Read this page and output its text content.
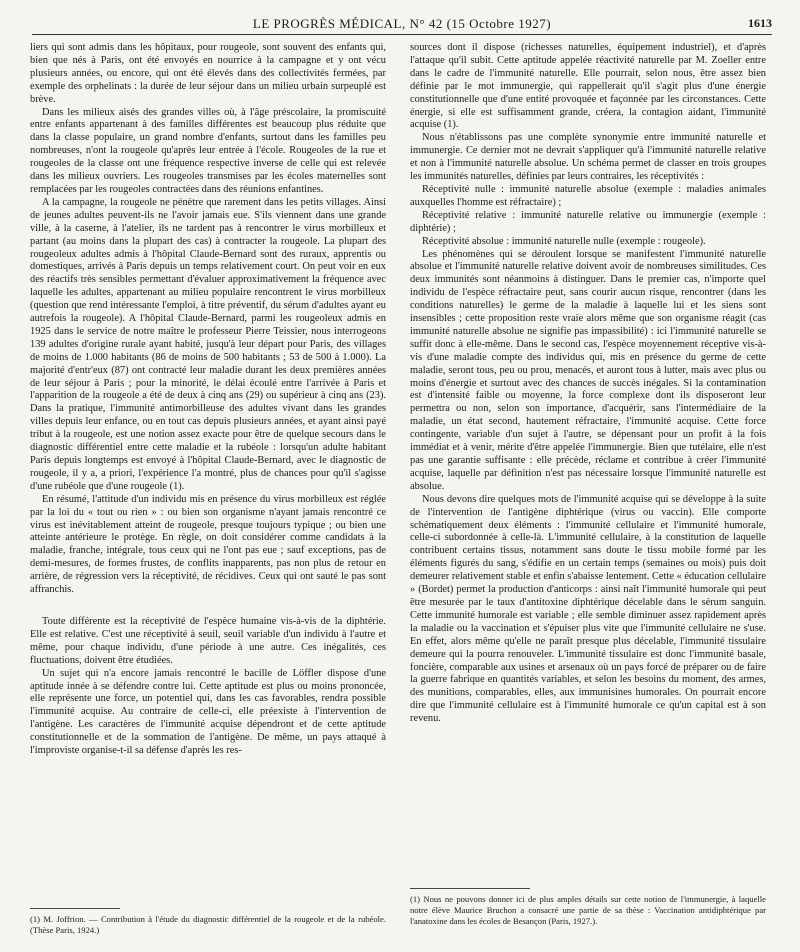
LE PROGRÈS MÉDICAL, N° 42 (15 Octobre 1927)	1613

liers qui sont admis dans les hôpitaux, pour rougeole, sont souvent des enfants qui, bien que nés à Paris, ont été envoyés en nourrice à la campagne et y ont vécu plusieurs années, ou encore, qui ont été élevés dans des collectivités fermées, par exemple des orphelinats : la durée de leur séjour dans un milieu urbain surpeuplé est brève.

Dans les milieux aisés des grandes villes où, à l'âge préscolaire, la promiscuité entre enfants appartenant à des familles différentes est beaucoup plus réduite que dans la classe populaire, un grand nombre d'enfants, surtout dans les familles peu nombreuses, n'ont la rougeole qu'après leur entrée à l'école. Rougeoles de la rue et rougeoles de la classe ont une fréquence respective inverse de celle qui est relevée dans les milieux ouvriers. Les rougeoles transmises par les écoles maternelles sont remplacées par les rougeoles contractées dans des réunions enfantines.

A la campagne, la rougeole ne pénètre que rarement dans les petits villages. Ainsi de jeunes adultes peuvent-ils ne l'avoir jamais eue. S'ils viennent dans une grande ville, à la caserne, à l'atelier, ils ne tardent pas à rencontrer le virus morbilleux et partant (au moins dans la plupart des cas) à contracter la rougeole. La plupart des rougeoleux adultes admis à l'hôpital Claude-Bernard sont des ruraux, apprentis ou domestiques, arrivés à Paris depuis un temps relativement court. On peut voir en eux des réactifs très sensibles permettant d'évaluer approximativement la fréquence avec laquelle les adultes, appartenant au milieu populaire rencontrent le virus morbilleux (question que rend intéressante l'emploi, à titre préventif, du sérum d'adultes ayant eu autrefois la rougeole). A l'hôpital Claude-Bernard, parmi les rougeoleux admis en 1925 dans le service de notre maître le professeur Pierre Teissier, nous interrogeons 139 adultes d'origine rurale ayant habité, jusqu'à leur départ pour Paris, des villages de moins de 1.000 habitants (86 de moins de 500 habitants ; 53 de 500 à 1.000). La majorité d'entr'eux (87) ont contracté leur maladie durant les deux premières années de leur séjour à Paris ; pour la minorité, le délai écoulé entre l'arrivée à Paris et l'apparition de la rougeole a été de deux à cinq ans (29) ou supérieur à cinq ans (23). Dans la pratique, l'immunité antimorbilleuse des adultes vivant dans les grandes villes depuis leur enfance, ou en tout cas depuis plusieurs années, et ayant ainsi payé tribut à la rougeole, est une notion assez exacte pour être de quelque secours dans le diagnostic différentiel entre cette maladie et la rubéole : lorsqu'un adulte habitant Paris depuis longtemps est envoyé à l'hôpital Claude-Bernard, avec le diagnostic de rougeole, il y a, a priori, l'expérience l'a montré, plus de chances pour qu'il s'agisse d'une rubéole que d'une rougeole (1).

En résumé, l'attitude d'un individu mis en présence du virus morbilleux est réglée par la loi du « tout ou rien » : ou bien son organisme n'ayant jamais rencontré ce virus est inévitablement atteint de rougeole, presque toujours typique ; ou bien une atteinte antérieure le protège. En règle, on doit considérer comme candidats à la maladie, franche, intégrale, tous ceux qui ne l'ont pas eue ; sauf exceptions, pas de demi-mesures, de formes frustes, de conflits inapparents, pas non plus de retour en arrière, de régression vers la réceptivité, de récidives. Ceux qui ont sauté le pas sont affranchis.

Toute différente est la réceptivité de l'espèce humaine vis-à-vis de la diphtérie. Elle est relative. C'est une réceptivité à seuil, seuil variable d'un individu à l'autre et même, pour chaque individu, d'une période à une autre. Ces inégalités, ces fluctuations, doivent être étudiées.

Un sujet qui n'a encore jamais rencontré le bacille de Löffler dispose d'une aptitude innée à se défendre contre lui. Cette aptitude est plus ou moins prononcée, elle représente une force, un potentiel qui, dans les cas favorables, rendra possible l'immunité acquise. Au contraire de celle-ci, elle préexiste à l'intervention de l'antigène. Les caractères de l'immunité acquise dépendront et de cette aptitude constitutionnelle et de la sommation de l'antigène. De même, un pays attaqué à l'improviste organise-t-il sa défense d'après les res-

sources dont il dispose (richesses naturelles, équipement industriel), et d'après l'attaque qu'il subit. Cette aptitude appelée réactivité naturelle par M. Zoeller entre dans le cadre de l'immunité naturelle. Elle pourrait, selon nous, être assez bien définie par le mot immunergie, qui rappellerait qu'il s'agit plus d'une énergie constitutionnelle que d'une entité provoquée et façonnée par les circonstances. Cette énergie, si elle est suffisamment grande, créera, la contagion aidant, l'immunité acquise (1).

Nous n'établissons pas une complète synonymie entre immunité naturelle et immunergie. Ce dernier mot ne devrait s'appliquer qu'à l'immunité naturelle relative et non à l'immunité naturelle absolue. Un schéma permet de classer en trois groupes les immunités naturelles, définies par leurs contraires, les réceptivités :

Réceptivité nulle : immunité naturelle absolue (exemple : maladies animales auxquelles l'homme est réfractaire) ;

Réceptivité relative : immunité naturelle relative ou immunergie (exemple : diphtérie) ;

Réceptivité absolue : immunité naturelle nulle (exemple : rougeole).

Les phénomènes qui se déroulent lorsque se manifestent l'immunité naturelle absolue et l'immunité naturelle relative doivent avoir de nombreuses similitudes. Ces deux immunités sont néanmoins à distinguer. Dans le premier cas, n'importe quel individu de l'espèce réfractaire peut, sans courir aucun risque, rencontrer (dans les conditions naturelles) le germe de la maladie à laquelle lui et les siens sont insensibles ; cette proposition reste vraie alors même que son organisme réagit (cas immunité naturelle absolue ne signifie pas impassibilité) : ici l'immunité naturelle se suffit donc à elle-même. Dans le second cas, l'espèce moyennement réceptive vis-à-vis d'une maladie compte des individus qui, mis en présence du germe de cette maladie, seront tous, peu ou prou, menacés, et auront tous à lutter, mais avec plus ou moins d'énergie et surtout avec des chances de succès inégales. Si la contamination est d'intensité faible ou moyenne, la force complexe dont ils disposeront leur permettra ou non, selon son importance, d'acquérir, sans l'intermédiaire de la maladie, un état second, hautement réfractaire, l'immunité acquise. Cette force contingente, variable d'un sujet à l'autre, se dépensant pour un profit à la fois immédiat et à venir, mérite d'être appelée l'immunergie. Bien que tutélaire, elle n'est pas une garantie suffisante : elle précède, réclame et contribue à créer l'immunité acquise, laquelle par définition n'est pas nécessaire lorsque l'immunité naturelle est absolue.

Nous devons dire quelques mots de l'immunité acquise qui se développe à la suite de l'intervention de l'antigène diphtérique (virus ou vaccin). Elle comporte schématiquement deux éléments : l'immunité cellulaire et l'immunité humorale, celle-ci subordonnée à celle-là. L'immunité cellulaire, à la constitution de laquelle contribuent certains tissus, notamment sans doute le tissu mobile formé par les éléments figurés du sang, s'édifie en un certain temps (semaines ou mois) puis doit demeurer relativement stable et enfin s'abaisse lentement. Cette « éducation cellulaire » (Bordet) permet la production d'anticorps : ainsi naît l'immunité humorale qui peut être mesurée par le taux d'antitoxine diphtérique décelable dans le sérum sanguin. Cette immunité humorale est variable ; elle semble diminuer assez rapidement après la maladie ou la vaccination et s'épuiser plus vite que l'immunité cellulaire ne s'use. En effet, alors même qu'elle ne paraît presque plus décelable, l'immunité tissulaire demeure qui la pourra renouveler. L'immunité tissulaire est donc l'immunité basale, foncière, comparable aux usines et arsenaux où un pays forcé de préparer ou de faire la guerre fabrique en quantités variables, et selon les besoins du moment, des armes, des munitions, comparables, elles, aux immunisines humorales. On pourrait encore dire que l'immunité cellulaire est à l'immunité humorale ce qu'un capital est à son revenu.

(1) M. Joffrion. — Contribution à l'étude du diagnostic différentiel de la rougeole et de la rubéole. (Thèse Paris, 1924.)
(1) Nous ne pouvons donner ici de plus amples détails sur cette notion de l'immunergie, à laquelle notre élève Maurice Bruchon a consacré une partie de sa thèse : Vaccination antidiphtérique par l'anatoxine dans les écoles de Besançon (Paris, 1927.).
